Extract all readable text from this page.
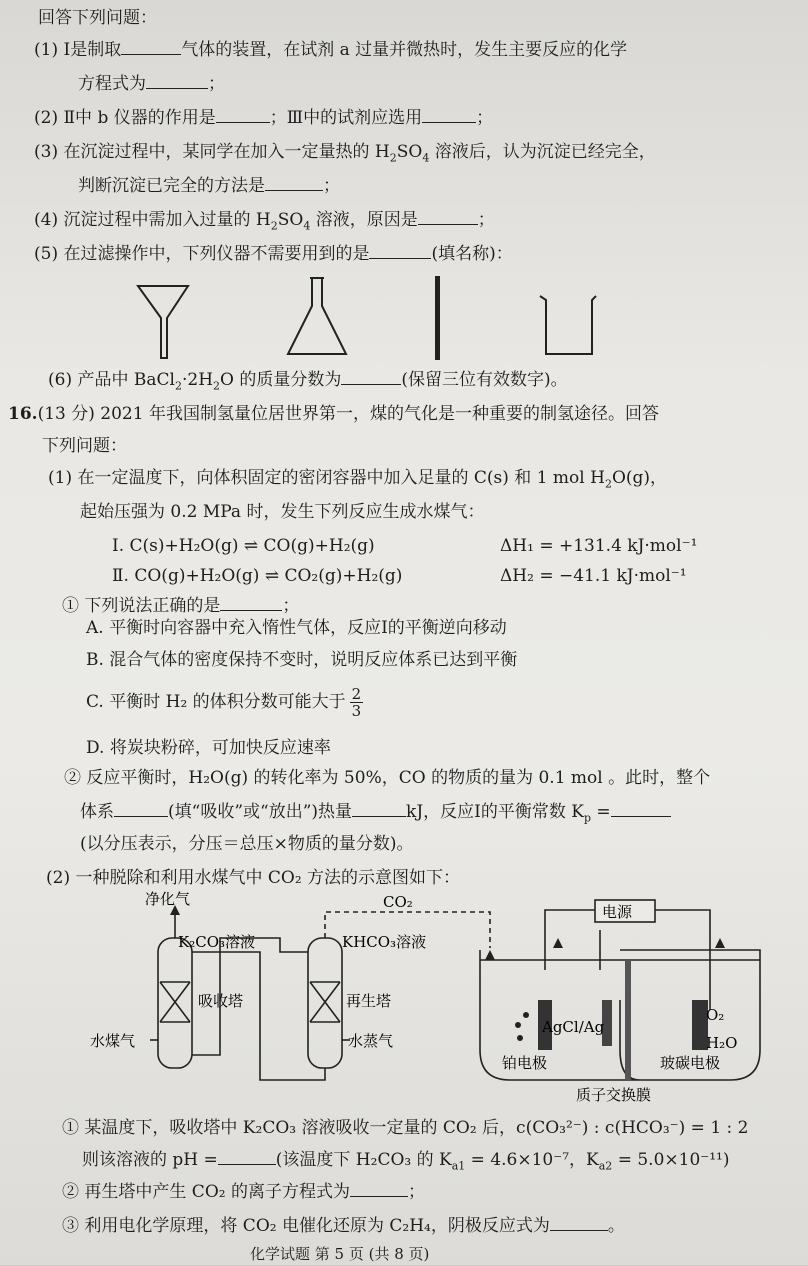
回答下列问题：
(1) Ⅰ是制取	气体的装置，在试剂 a 过量并微热时，发生主要反应的化学
方程式为	；
(2) Ⅱ中 b 仪器的作用是	；Ⅲ中的试剂应选用	；
(3) 在沉淀过程中，某同学在加入一定量热的 $H_2SO_4$ 溶液后，认为沉淀已经完全，
判断沉淀已完全的方法是	；
(4) 沉淀过程中需加入过量的 $H_2SO_4$ 溶液，原因是	；
(5) 在过滤操作中，下列仪器不需要用到的是	(填名称)：
(6) 产品中 $BaCl_2\cdot 2H_2O$ 的质量分数为	(保留三位有效数字)。
16.(13 分) 2021 年我国制氢量位居世界第一，煤的气化是一种重要的制氢途径。回答
下列问题：
(1) 在一定温度下，向体积固定的密闭容器中加入足量的 C(s) 和 1 mol $H_2O(g)$，
起始压强为 0.2 MPa 时，发生下列反应生成水煤气：
Ⅰ. C(s)+H₂O(g) ⇌ CO(g)+H₂(g)	ΔH₁ = +131.4 kJ·mol⁻¹
Ⅱ. CO(g)+H₂O(g) ⇌ CO₂(g)+H₂(g)	ΔH₂ = −41.1 kJ·mol⁻¹
① 下列说法正确的是	；
A. 平衡时向容器中充入惰性气体，反应Ⅰ的平衡逆向移动
B. 混合气体的密度保持不变时，说明反应体系已达到平衡
C. 平衡时 H₂ 的体积分数可能大于 $\frac{2}{3}$
D. 将炭块粉碎，可加快反应速率
② 反应平衡时，H₂O(g) 的转化率为 50%，CO 的物质的量为 0.1 mol 。此时，整个
体系	(填“吸收”或“放出”)热量	kJ，反应Ⅰ的平衡常数 $K_p$ =
(以分压表示，分压＝总压×物质的量分数)。
(2) 一种脱除和利用水煤气中 CO₂ 方法的示意图如下：
净化气	CO₂
K₂CO₃溶液	KHCO₃溶液
吸收塔	再生塔
水煤气	水蒸气
电源
AgCl/Ag
O₂
H₂O
铂电极	玻碳电极
质子交换膜
① 某温度下，吸收塔中 K₂CO₃ 溶液吸收一定量的 CO₂ 后，c(CO₃²⁻) : c(HCO₃⁻) = 1 : 2
则该溶液的 pH =	(该温度下 H₂CO₃ 的 $K_{a1} = 4.6\times 10^{-7}$，$K_{a2} = 5.0\times 10^{-11}$)
② 再生塔中产生 CO₂ 的离子方程式为	；
③ 利用电化学原理，将 CO₂ 电催化还原为 C₂H₄，阴极反应式为	。
化学试题 第 5 页 (共 8 页)
